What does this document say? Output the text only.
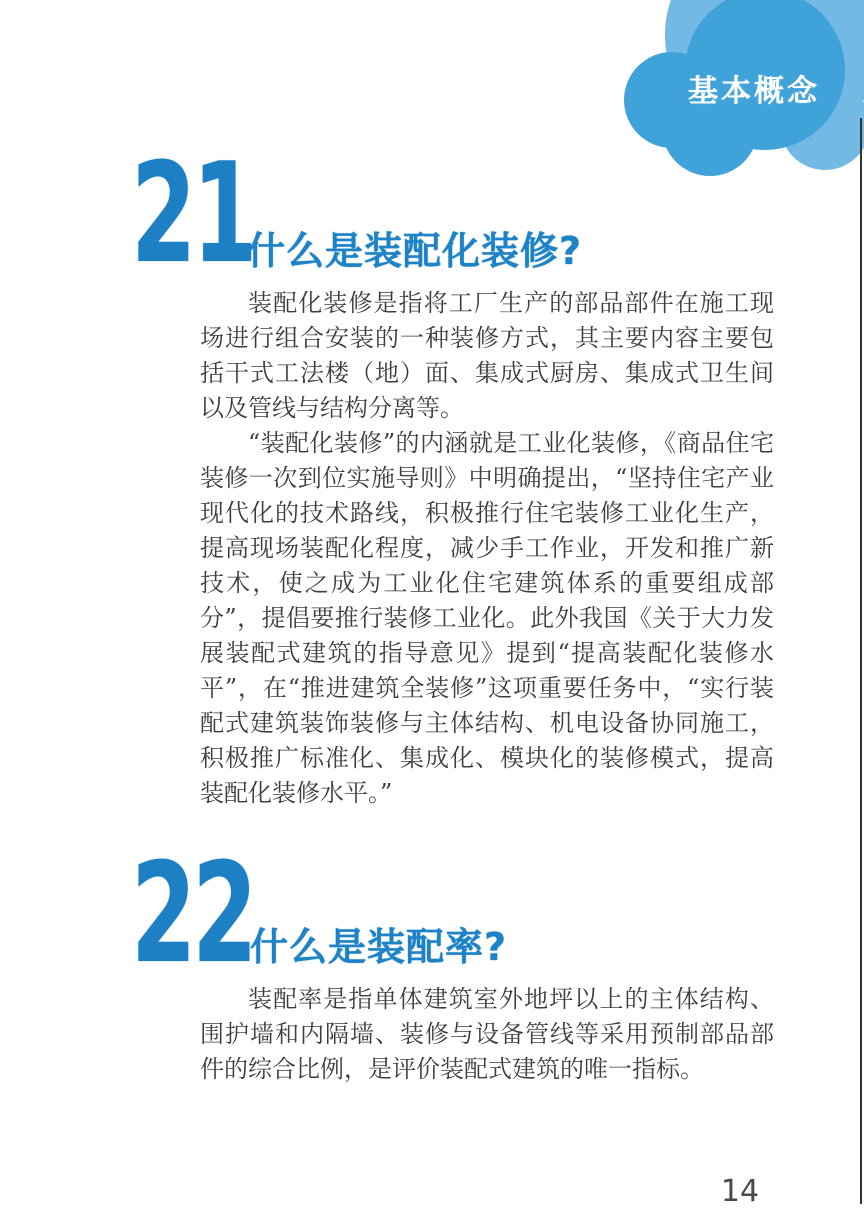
基本概念
21
什么是装配化装修?

装配化装修是指将工厂生产的部品部件在施工现场进行组合安装的一种装修方式，其主要内容主要包括干式工法楼（地）面、集成式厨房、集成式卫生间以及管线与结构分离等。

“装配化装修”的内涵就是工业化装修，《商品住宅装修一次到位实施导则》中明确提出，“坚持住宅产业现代化的技术路线，积极推行住宅装修工业化生产，提高现场装配化程度，减少手工作业，开发和推广新技术，使之成为工业化住宅建筑体系的重要组成部分”，提倡要推行装修工业化。此外我国《关于大力发展装配式建筑的指导意见》提到“提高装配化装修水平”，在“推进建筑全装修”这项重要任务中，“实行装配式建筑装饰装修与主体结构、机电设备协同施工，积极推广标准化、集成化、模块化的装修模式，提高装配化装修水平。”

22
什么是装配率?

装配率是指单体建筑室外地坪以上的主体结构、围护墙和内隔墙、装修与设备管线等采用预制部品部件的综合比例，是评价装配式建筑的唯一指标。

14
